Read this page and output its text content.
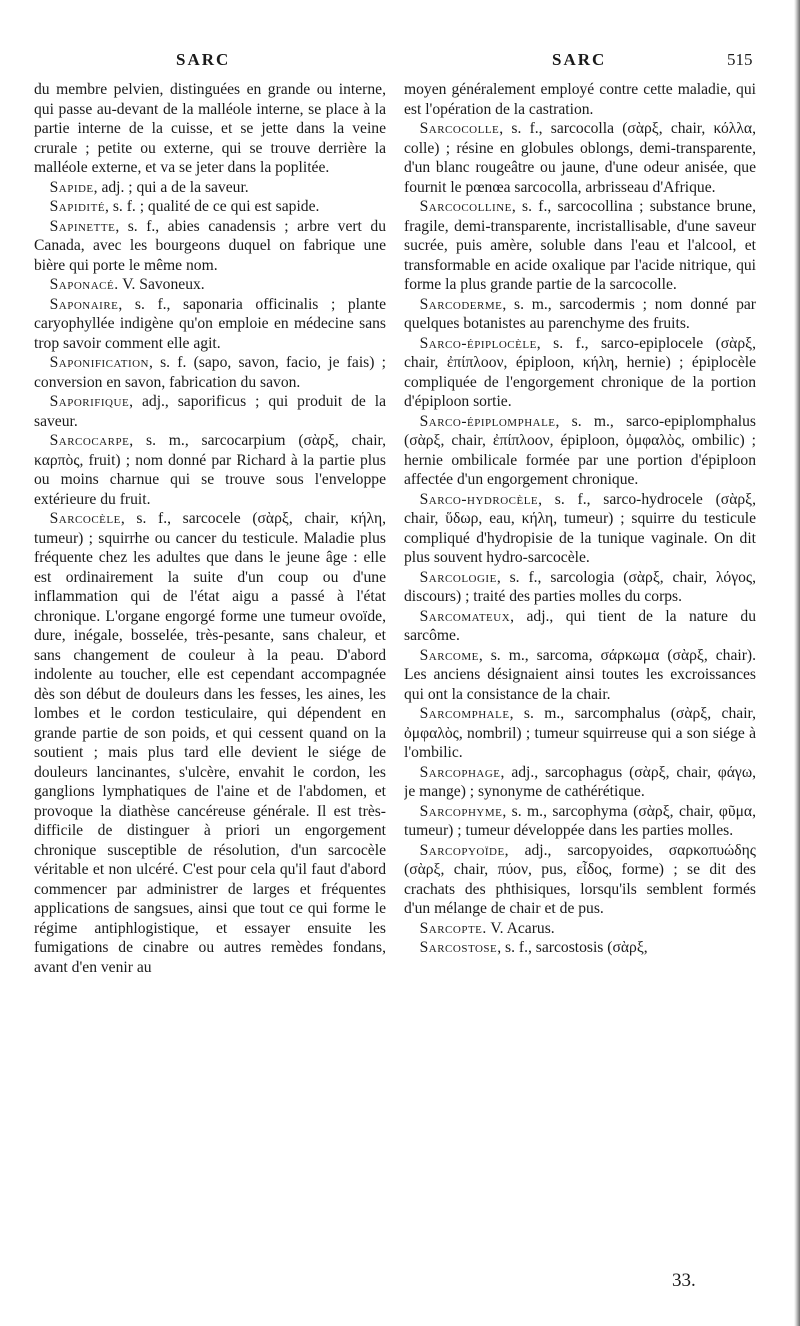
SARC	SARC	515

du membre pelvien, distinguées en grande ou interne, qui passe au-devant de la malléole interne, se place à la partie interne de la cuisse, et se jette dans la veine crurale ; petite ou externe, qui se trouve derrière la malléole externe, et va se jeter dans la poplitée.

Sapide, adj. ; qui a de la saveur.

Sapidité, s. f. ; qualité de ce qui est sapide.

Sapinette, s. f., abies canadensis ; arbre vert du Canada, avec les bourgeons duquel on fabrique une bière qui porte le même nom.

Saponacé. V. Savoneux.

Saponaire, s. f., saponaria officinalis ; plante caryophyllée indigène qu'on emploie en médecine sans trop savoir comment elle agit.

Saponification, s. f. (sapo, savon, facio, je fais) ; conversion en savon, fabrication du savon.

Saporifique, adj., saporificus ; qui produit de la saveur.

Sarcocarpe, s. m., sarcocarpium (σὰρξ, chair, καρπὸς, fruit) ; nom donné par Richard à la partie plus ou moins charnue qui se trouve sous l'enveloppe extérieure du fruit.

Sarcocèle, s. f., sarcocele (σὰρξ, chair, κήλη, tumeur) ; squirrhe ou cancer du testicule. Maladie plus fréquente chez les adultes que dans le jeune âge : elle est ordinairement la suite d'un coup ou d'une inflammation qui de l'état aigu a passé à l'état chronique. L'organe engorgé forme une tumeur ovoïde, dure, inégale, bosselée, très-pesante, sans chaleur, et sans changement de couleur à la peau. D'abord indolente au toucher, elle est cependant accompagnée dès son début de douleurs dans les fesses, les aines, les lombes et le cordon testiculaire, qui dépendent en grande partie de son poids, et qui cessent quand on la soutient ; mais plus tard elle devient le siége de douleurs lancinantes, s'ulcère, envahit le cordon, les ganglions lymphatiques de l'aine et de l'abdomen, et provoque la diathèse cancéreuse générale. Il est très-difficile de distinguer à priori un engorgement chronique susceptible de résolution, d'un sarcocèle véritable et non ulcéré. C'est pour cela qu'il faut d'abord commencer par administrer de larges et fréquentes applications de sangsues, ainsi que tout ce qui forme le régime antiphlogistique, et essayer ensuite les fumigations de cinabre ou autres remèdes fondans, avant d'en venir au

moyen généralement employé contre cette maladie, qui est l'opération de la castration.

Sarcocolle, s. f., sarcocolla (σὰρξ, chair, κόλλα, colle) ; résine en globules oblongs, demi-transparente, d'un blanc rougeâtre ou jaune, d'une odeur anisée, que fournit le pœnœa sarcocolla, arbrisseau d'Afrique.

Sarcocolline, s. f., sarcocollina ; substance brune, fragile, demi-transparente, incristallisable, d'une saveur sucrée, puis amère, soluble dans l'eau et l'alcool, et transformable en acide oxalique par l'acide nitrique, qui forme la plus grande partie de la sarcocolle.

Sarcoderme, s. m., sarcodermis ; nom donné par quelques botanistes au parenchyme des fruits.

Sarco-épiplocèle, s. f., sarco-epiplocele (σὰρξ, chair, ἐπίπλοον, épiploon, κήλη, hernie) ; épiplocèle compliquée de l'engorgement chronique de la portion d'épiploon sortie.

Sarco-épiplomphale, s. m., sarco-epiplomphalus (σὰρξ, chair, ἐπίπλοον, épiploon, ὀμφαλὸς, ombilic) ; hernie ombilicale formée par une portion d'épiploon affectée d'un engorgement chronique.

Sarco-hydrocèle, s. f., sarco-hydrocele (σὰρξ, chair, ὕδωρ, eau, κήλη, tumeur) ; squirre du testicule compliqué d'hydropisie de la tunique vaginale. On dit plus souvent hydro-sarcocèle.

Sarcologie, s. f., sarcologia (σὰρξ, chair, λόγος, discours) ; traité des parties molles du corps.

Sarcomateux, adj., qui tient de la nature du sarcôme.

Sarcome, s. m., sarcoma, σάρκωμα (σὰρξ, chair). Les anciens désignaient ainsi toutes les excroissances qui ont la consistance de la chair.

Sarcomphale, s. m., sarcomphalus (σὰρξ, chair, ὀμφαλὸς, nombril) ; tumeur squirreuse qui a son siége à l'ombilic.

Sarcophage, adj., sarcophagus (σὰρξ, chair, φάγω, je mange) ; synonyme de cathérétique.

Sarcophyme, s. m., sarcophyma (σὰρξ, chair, φῦμα, tumeur) ; tumeur développée dans les parties molles.

Sarcopyoïde, adj., sarcopyoides, σαρκοπυώδης (σὰρξ, chair, πύον, pus, εἶδος, forme) ; se dit des crachats des phthisiques, lorsqu'ils semblent formés d'un mélange de chair et de pus.

Sarcopte. V. Acarus.

Sarcostose, s. f., sarcostosis (σὰρξ,

33.
